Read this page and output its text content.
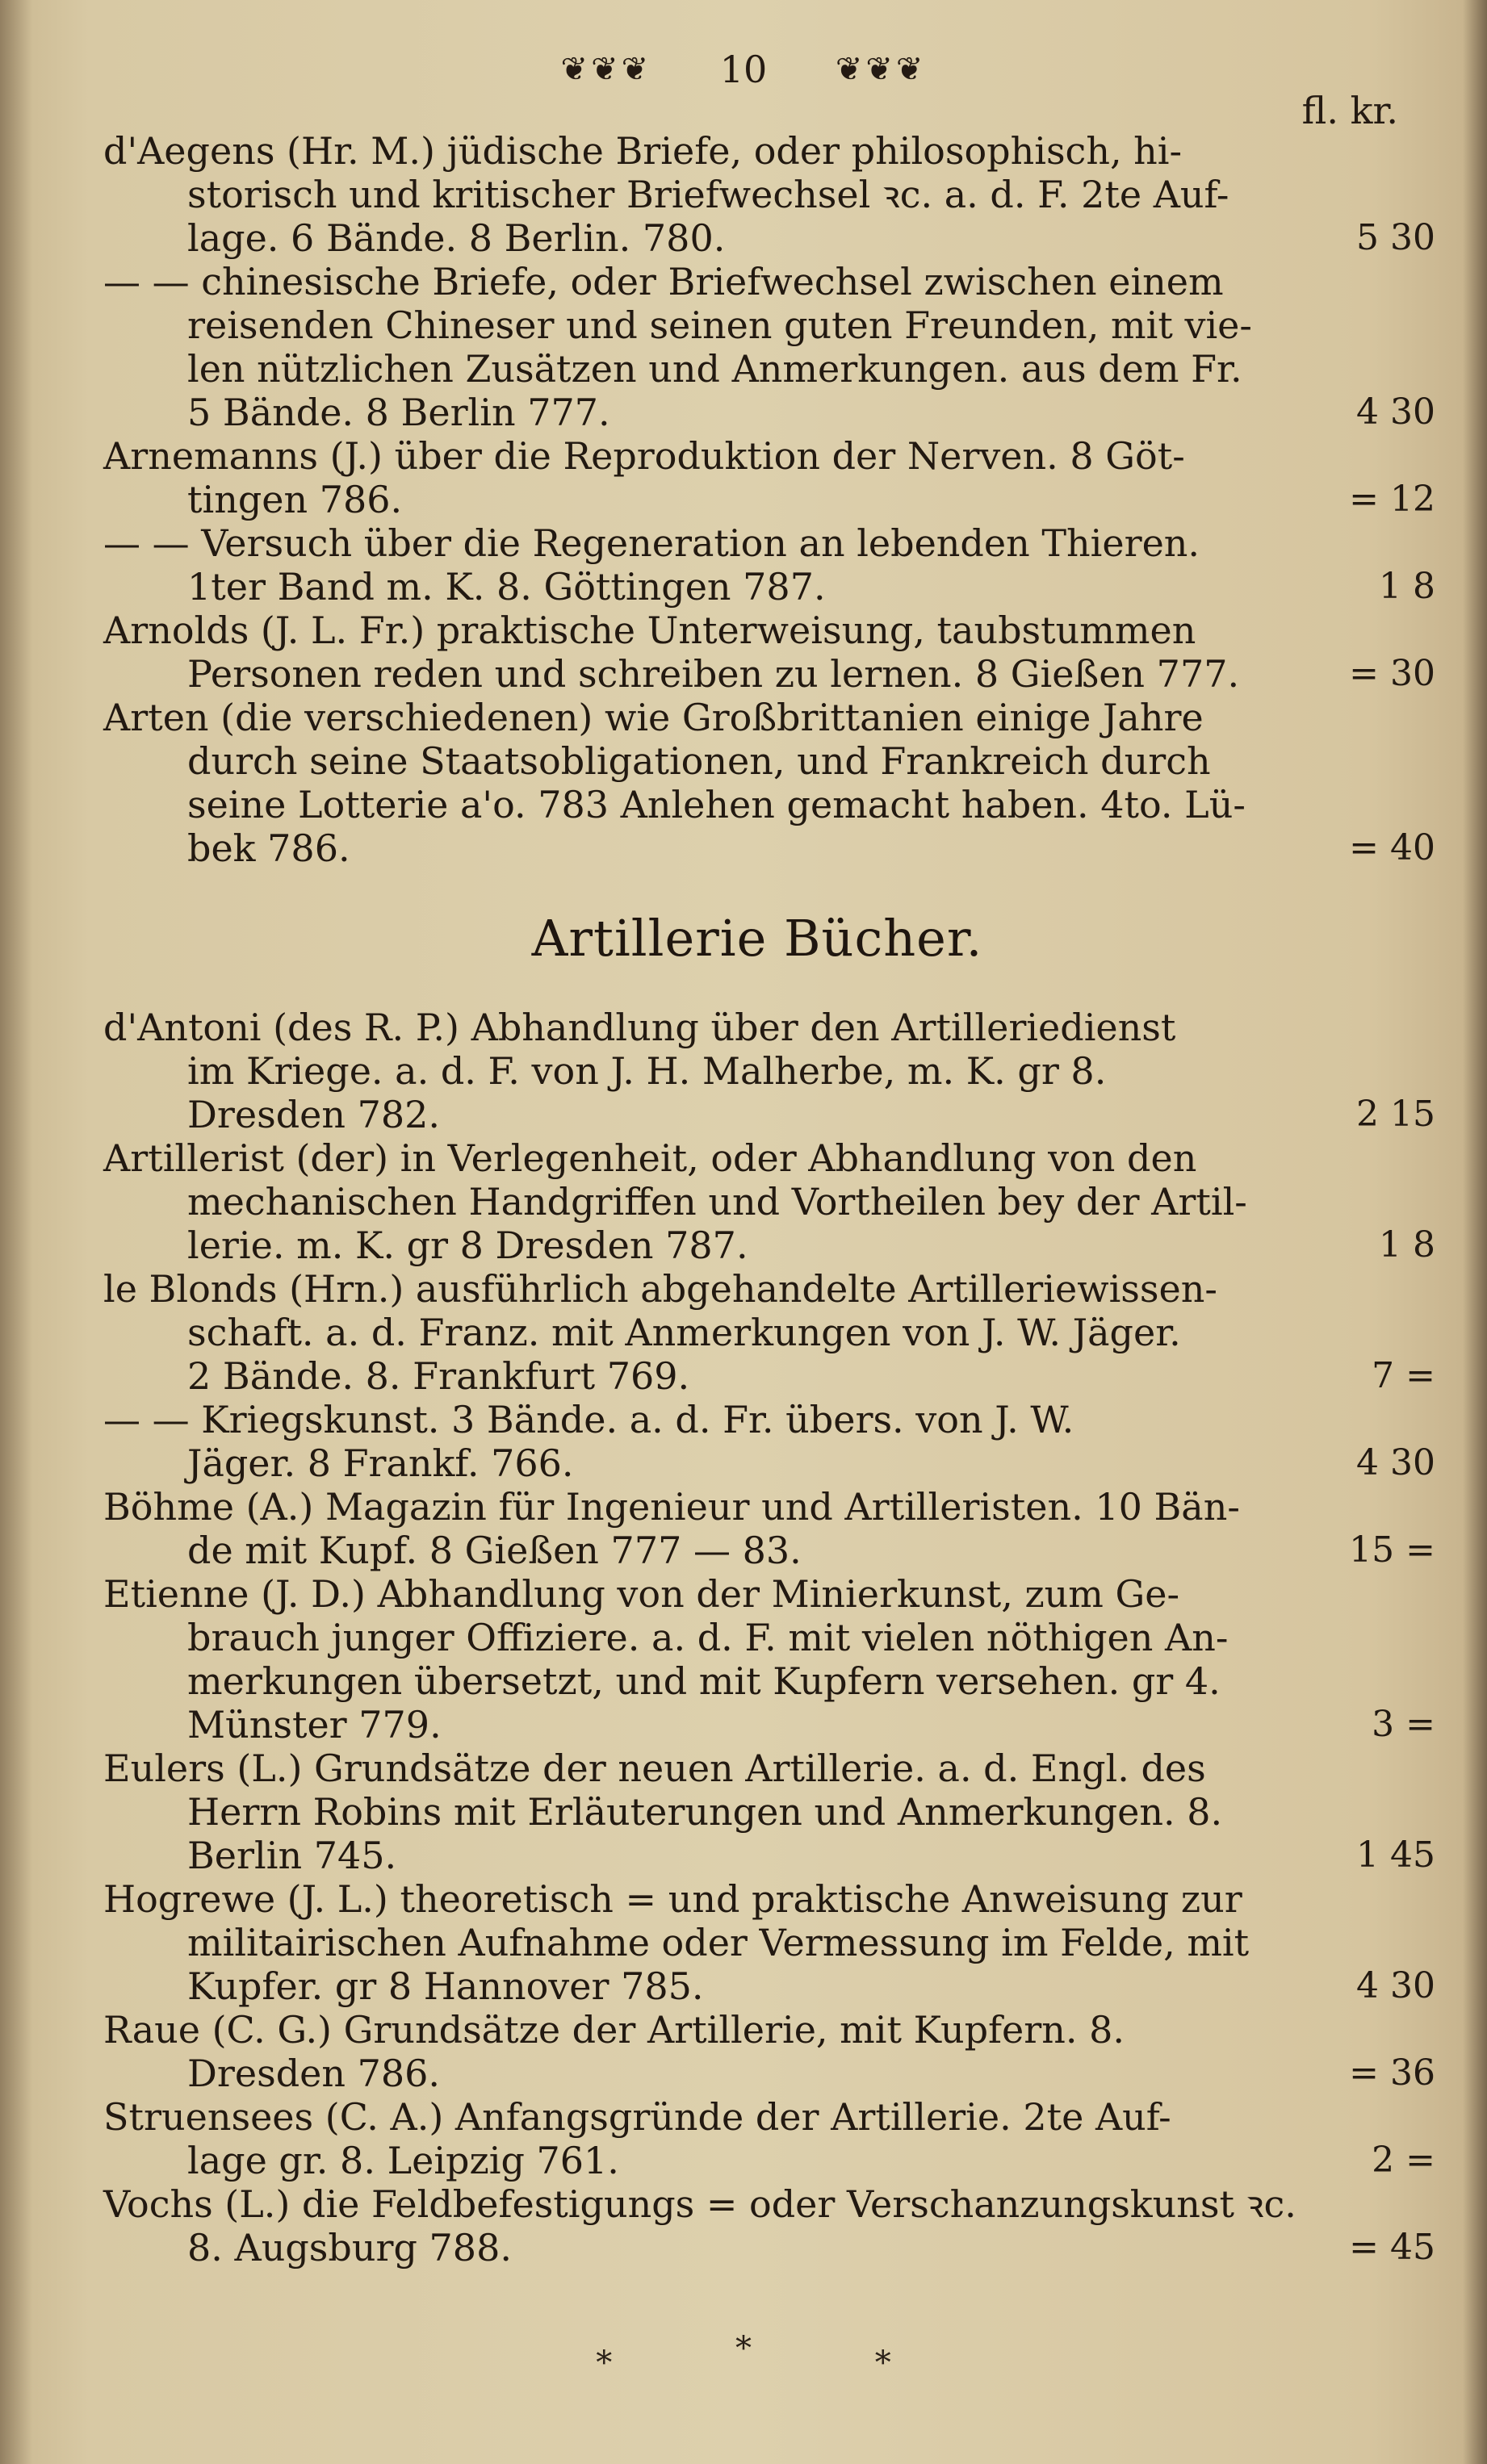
❦❦❦ 10 ❦❦❦
fl. kr.
d'Aegens (Hr. M.) jüdische Briefe, oder philosophisch, hi-
storisch und kritischer Briefwechsel ꝛc. a. d. F. 2te Auf-
lage. 6 Bände. 8 Berlin. 780.	5 30
— — chinesische Briefe, oder Briefwechsel zwischen einem
reisenden Chineser und seinen guten Freunden, mit vie-
len nützlichen Zusätzen und Anmerkungen. aus dem Fr.
5 Bände. 8 Berlin 777.	4 30
Arnemanns (J.) über die Reproduktion der Nerven. 8 Göt-
tingen 786.	= 12
— — Versuch über die Regeneration an lebenden Thieren.
1ter Band m. K. 8. Göttingen 787.	1 8
Arnolds (J. L. Fr.) praktische Unterweisung, taubstummen
Personen reden und schreiben zu lernen. 8 Gießen 777.	= 30
Arten (die verschiedenen) wie Großbrittanien einige Jahre
durch seine Staatsobligationen, und Frankreich durch
seine Lotterie a'o. 783 Anlehen gemacht haben. 4to. Lü-
bek 786.	= 40
Artillerie Bücher.
d'Antoni (des R. P.) Abhandlung über den Artilleriedienst
im Kriege. a. d. F. von J. H. Malherbe, m. K. gr 8.
Dresden 782.	2 15
Artillerist (der) in Verlegenheit, oder Abhandlung von den
mechanischen Handgriffen und Vortheilen bey der Artil-
lerie. m. K. gr 8 Dresden 787.	1 8
le Blonds (Hrn.) ausführlich abgehandelte Artilleriewissen-
schaft. a. d. Franz. mit Anmerkungen von J. W. Jäger.
2 Bände. 8. Frankfurt 769.	7 =
— — Kriegskunst. 3 Bände. a. d. Fr. übers. von J. W.
Jäger. 8 Frankf. 766.	4 30
Böhme (A.) Magazin für Ingenieur und Artilleristen. 10 Bän-
de mit Kupf. 8 Gießen 777 — 83.	15 =
Etienne (J. D.) Abhandlung von der Minierkunst, zum Ge-
brauch junger Offiziere. a. d. F. mit vielen nöthigen An-
merkungen übersetzt, und mit Kupfern versehen. gr 4.
Münster 779.	3 =
Eulers (L.) Grundsätze der neuen Artillerie. a. d. Engl. des
Herrn Robins mit Erläuterungen und Anmerkungen. 8.
Berlin 745.	1 45
Hogrewe (J. L.) theoretisch = und praktische Anweisung zur
militairischen Aufnahme oder Vermessung im Felde, mit
Kupfer. gr 8 Hannover 785.	4 30
Raue (C. G.) Grundsätze der Artillerie, mit Kupfern. 8.
Dresden 786.	= 36
Struensees (C. A.) Anfangsgründe der Artillerie. 2te Auf-
lage gr. 8. Leipzig 761.	2 =
Vochs (L.) die Feldbefestigungs = oder Verschanzungskunst ꝛc.
8. Augsburg 788.	= 45
*	*	*
